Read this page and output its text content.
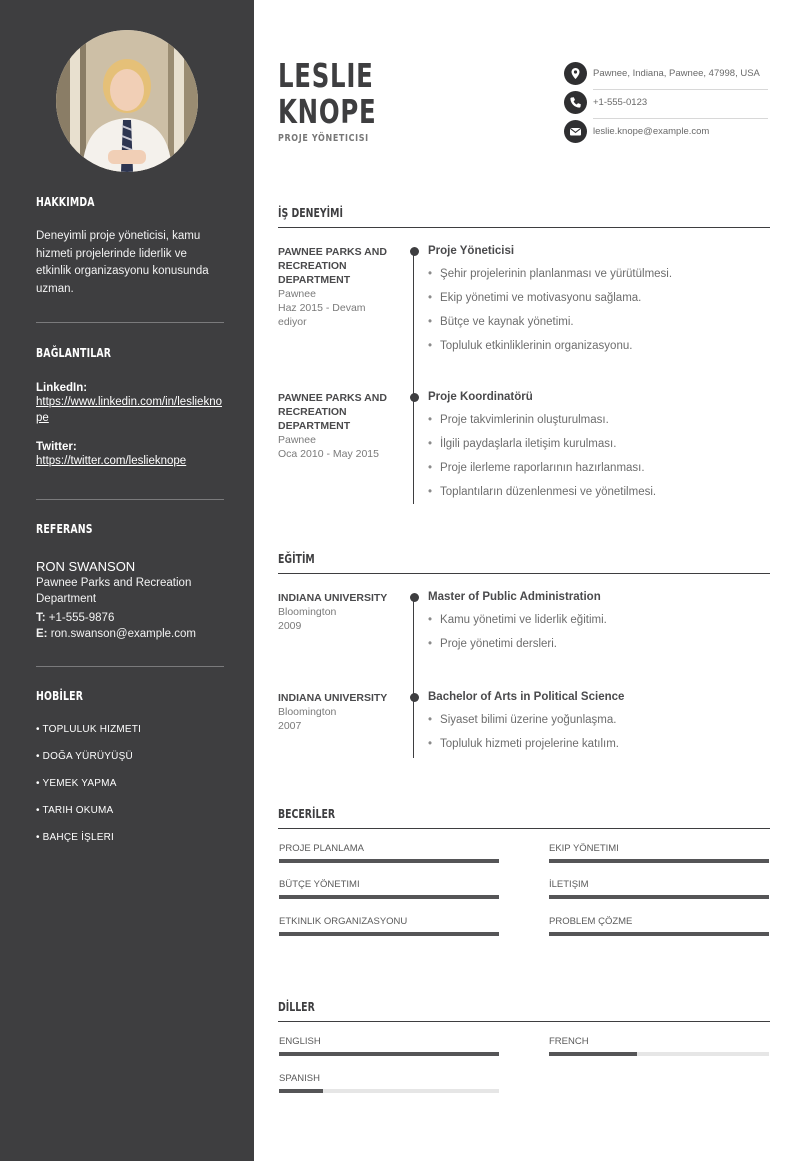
HAKKIMDA
Deneyimli proje yöneticisi, kamu hizmeti projelerinde liderlik ve etkinlik organizasyonu konusunda uzman.
BAĞLANTILAR
LinkedIn:
https://www.linkedin.com/in/leslieknope
Twitter:
https://twitter.com/leslieknope
REFERANS
RON SWANSON
Pawnee Parks and Recreation Department
T: +1-555-9876
E: ron.swanson@example.com
HOBİLER
• TOPLULUK HIZMETI
• DOĞA YÜRÜYÜŞÜ
• YEMEK YAPMA
• TARIH OKUMA
• BAHÇE İŞLERI
LESLIE
KNOPE
PROJE YÖNETICISI
Pawnee, Indiana, Pawnee, 47998, USA
+1-555-0123
leslie.knope@example.com
İŞ DENEYİMİ
PAWNEE PARKS AND RECREATION DEPARTMENT
Pawnee
Haz 2015 - Devam ediyor
Proje Yöneticisi
• Şehir projelerinin planlanması ve yürütülmesi.
• Ekip yönetimi ve motivasyonu sağlama.
• Bütçe ve kaynak yönetimi.
• Topluluk etkinliklerinin organizasyonu.
PAWNEE PARKS AND RECREATION DEPARTMENT
Pawnee
Oca 2010 - May 2015
Proje Koordinatörü
• Proje takvimlerinin oluşturulması.
• İlgili paydaşlarla iletişim kurulması.
• Proje ilerleme raporlarının hazırlanması.
• Toplantıların düzenlenmesi ve yönetilmesi.
EĞİTİM
INDIANA UNIVERSITY
Bloomington
2009
Master of Public Administration
• Kamu yönetimi ve liderlik eğitimi.
• Proje yönetimi dersleri.
INDIANA UNIVERSITY
Bloomington
2007
Bachelor of Arts in Political Science
• Siyaset bilimi üzerine yoğunlaşma.
• Topluluk hizmeti projelerine katılım.
BECERİLER
PROJE PLANLAMA	EKIP YÖNETIMI
BÜTÇE YÖNETIMI	İLETIŞIM
ETKINLIK ORGANIZASYONU	PROBLEM ÇÖZME
DİLLER
ENGLISH	FRENCH
SPANISH
